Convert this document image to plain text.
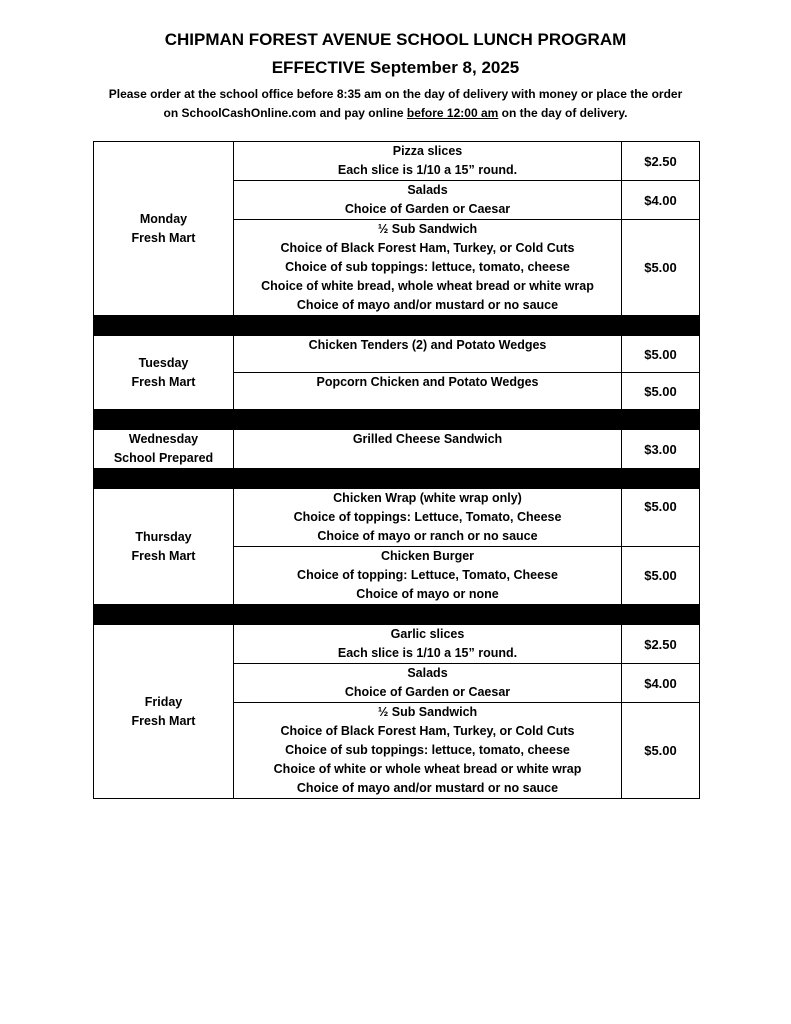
CHIPMAN FOREST AVENUE SCHOOL LUNCH PROGRAM
EFFECTIVE September 8, 2025
Please order at the school office before 8:35 am on the day of delivery with money or place the order
on SchoolCashOnline.com and pay online before 12:00 am on the day of delivery.
Monday
Fresh Mart	Pizza slices
Each slice is 1/10 a 15” round.	$2.50
	Salads
Choice of Garden or Caesar	$4.00
	½ Sub Sandwich
Choice of Black Forest Ham, Turkey, or Cold Cuts
Choice of sub toppings: lettuce, tomato, cheese
Choice of white bread, whole wheat bread or white wrap
Choice of mayo and/or mustard or no sauce	$5.00

Tuesday
Fresh Mart	Chicken Tenders (2) and Potato Wedges	$5.00
	Popcorn Chicken and Potato Wedges	$5.00

Wednesday
School Prepared	Grilled Cheese Sandwich	$3.00

Thursday
Fresh Mart	Chicken Wrap (white wrap only)
Choice of toppings: Lettuce, Tomato, Cheese
Choice of mayo or ranch or no sauce	$5.00
	Chicken Burger
Choice of topping: Lettuce, Tomato, Cheese
Choice of mayo or none	$5.00

Friday
Fresh Mart	Garlic slices
Each slice is 1/10 a 15” round.	$2.50
	Salads
Choice of Garden or Caesar	$4.00
	½ Sub Sandwich
Choice of Black Forest Ham, Turkey, or Cold Cuts
Choice of sub toppings: lettuce, tomato, cheese
Choice of white or whole wheat bread or white wrap
Choice of mayo and/or mustard or no sauce	$5.00
